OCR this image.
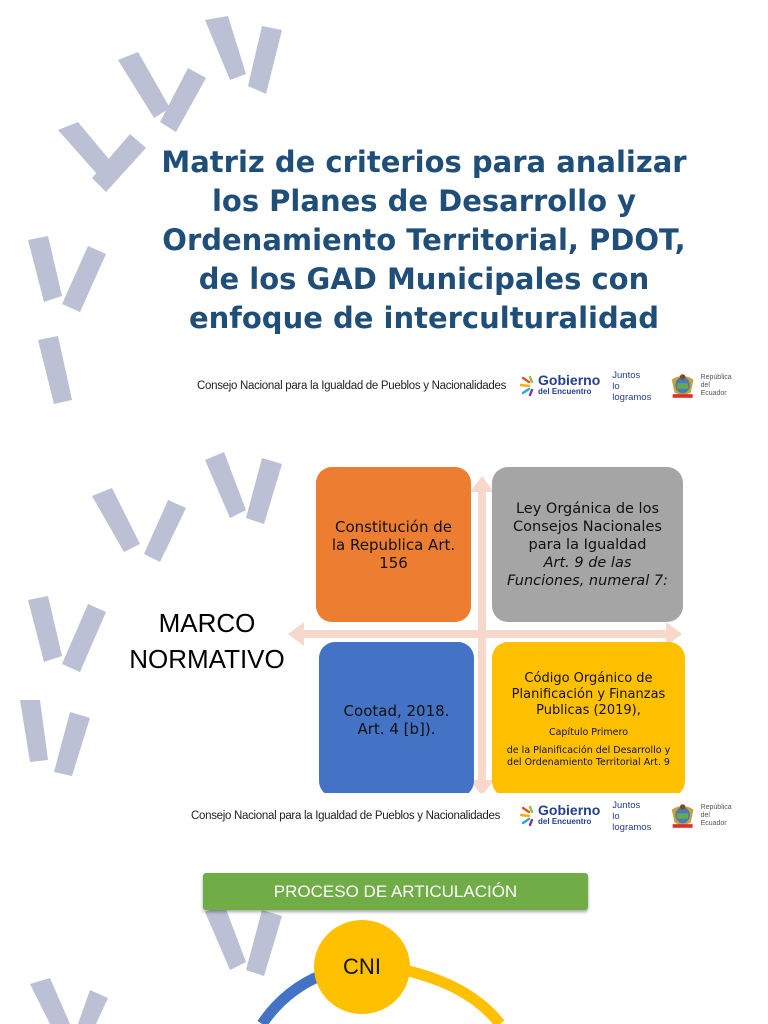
Matriz de criterios para analizar los Planes de Desarrollo y Ordenamiento Territorial, PDOT, de los GAD Municipales con enfoque de interculturalidad
Consejo Nacional para la Igualdad de Pueblos y Nacionalidades Gobierno
del Encuentro
Juntos
lo logramos
República
del Ecuador
MARCO
NORMATIVO
Constitución de la Republica Art. 156
Ley Orgánica de los Consejos Nacionales para la Igualdad
Art. 9 de las Funciones, numeral 7:
Cootad, 2018. Art. 4 [b]).
Código Orgánico de Planificación y Finanzas Publicas (2019),
Capítulo Primero
de la Planificación del Desarrollo y del Ordenamiento Territorial Art. 9
Consejo Nacional para la Igualdad de Pueblos y Nacionalidades	Gobierno
del Encuentro
Juntos
lo logramos
República
del Ecuador
PROCESO DE ARTICULACIÓN
CNI
